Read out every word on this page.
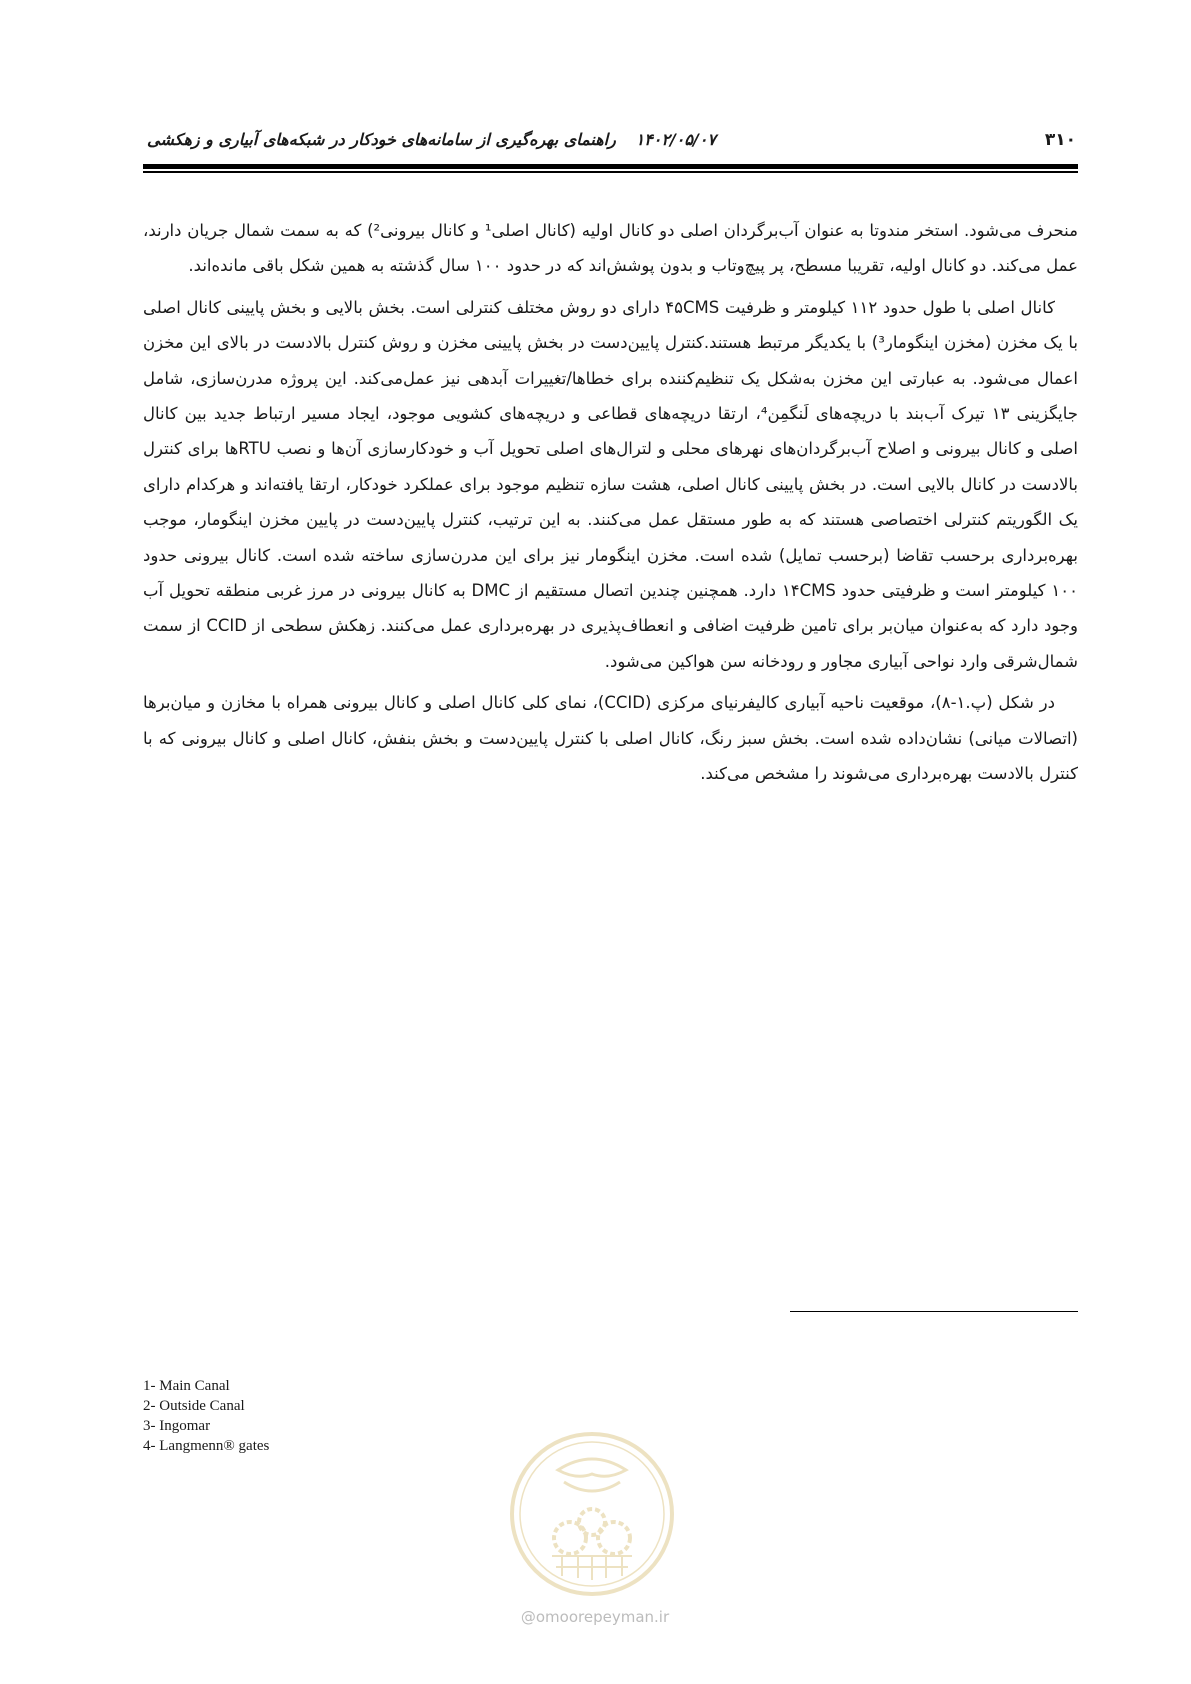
۳۱۰
۱۴۰۲/۰۵/۰۷
راهنمای بهره‌گیری از سامانه‌های خودکار در شبکه‌های آبیاری و زهکشی

منحرف می‌شود. استخر مندوتا به عنوان آب‌برگردان اصلی دو کانال اولیه (کانال اصلی¹ و کانال بیرونی²) که به سمت شمال جریان دارند، عمل می‌کند. دو کانال اولیه، تقریبا مسطح، پر پیچ‌وتاب و بدون پوشش‌اند که در حدود ۱۰۰ سال گذشته به همین شکل باقی مانده‌اند.

کانال اصلی با طول حدود ۱۱۲ کیلومتر و ظرفیت ۴۵CMS دارای دو روش مختلف کنترلی است. بخش بالایی و بخش پایینی کانال اصلی با یک مخزن (مخزن اینگومار³) با یکدیگر مرتبط هستند.کنترل پایین‌دست در بخش پایینی مخزن و روش کنترل بالادست در بالای این مخزن اعمال می‌شود. به عبارتی این مخزن به‌شکل یک تنظیم‌کننده برای خطاها/تغییرات آبدهی نیز عمل‌می‌کند. این پروژه مدرن‌سازی، شامل جایگزینی ۱۳ تیرک آب‌بند با دریچه‌های لَنگمِن⁴، ارتقا دریچه‌های قطاعی و دریچه‌های کشویی موجود، ایجاد مسیر ارتباط جدید بین کانال اصلی و کانال بیرونی و اصلاح آب‌برگردان‌های نهرهای محلی و لترال‌های اصلی تحویل آب و خودکارسازی آن‌ها و نصب RTUها برای کنترل بالادست در کانال بالایی است. در بخش پایینی کانال اصلی، هشت سازه تنظیم موجود برای عملکرد خودکار، ارتقا یافته‌اند و هرکدام دارای یک الگوریتم کنترلی اختصاصی هستند که به طور مستقل عمل می‌کنند. به این ترتیب، کنترل پایین‌دست در پایین مخزن اینگومار، موجب بهره‌برداری برحسب تقاضا (برحسب تمایل) شده است. مخزن اینگومار نیز برای این مدرن‌سازی ساخته شده است. کانال بیرونی حدود ۱۰۰ کیلومتر است و ظرفیتی حدود ۱۴CMS دارد. همچنین چندین اتصال مستقیم از DMC به کانال بیرونی در مرز غربی منطقه تحویل آب وجود دارد که به‌عنوان میان‌بر برای تامین ظرفیت اضافی و انعطاف‌پذیری در بهره‌برداری عمل می‌کنند. زهکش سطحی از CCID از سمت شمال‌شرقی وارد نواحی آبیاری مجاور و رودخانه سن هواکین می‌شود.

در شکل (پ.۱-۸)، موقعیت ناحیه آبیاری کالیفرنیای مرکزی (CCID)، نمای کلی کانال اصلی و کانال بیرونی همراه با مخازن و میان‌برها (اتصالات میانی) نشان‌داده شده است. بخش سبز رنگ، کانال اصلی با کنترل پایین‌دست و بخش بنفش، کانال اصلی و کانال بیرونی که با کنترل بالادست بهره‌برداری می‌شوند را مشخص می‌کند.

1- Main Canal
2- Outside Canal
3- Ingomar
4- Langmenn® gates
@omoorepeyman.ir
